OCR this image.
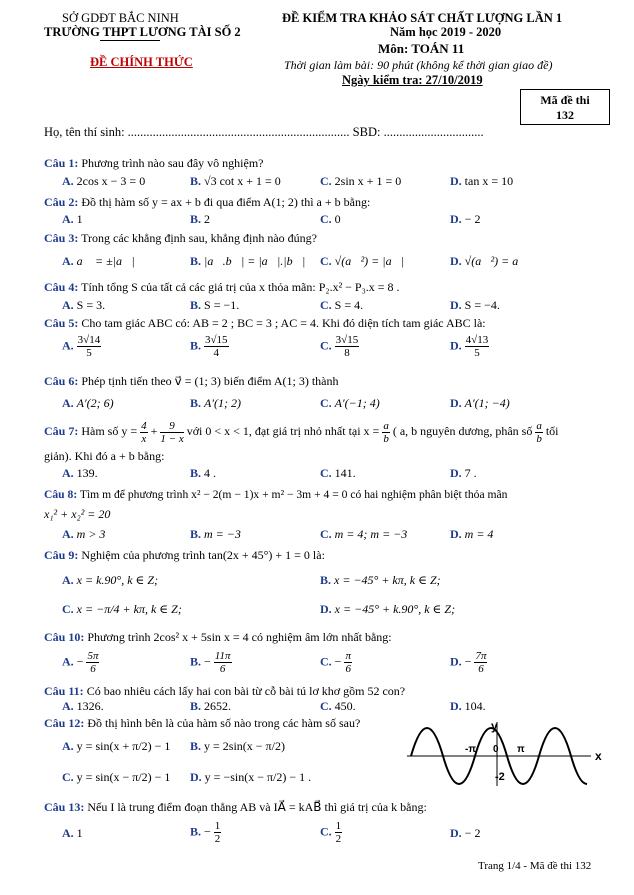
SỞ GDĐT BẮC NINH
TRƯỜNG THPT LƯƠNG TÀI SỐ 2
ĐỀ CHÍNH THỨC
ĐỀ KIỂM TRA KHẢO SÁT CHẤT LƯỢNG LẦN 1
Năm học 2019 - 2020
Môn: TOÁN 11
Thời gian làm bài: 90 phút (không kể thời gian giao đề)
Ngày kiểm tra: 27/10/2019
Mã đề thi
132
Họ, tên thí sinh: ....................................................................... SBD: ................................
Câu 1: Phương trình nào sau đây vô nghiệm?
A. 2cos x − 3 = 0	B. √3 cot x + 1 = 0	C. 2sin x + 1 = 0	D. tan x = 10
Câu 2: Đồ thị hàm số y = ax + b đi qua điểm A(1; 2) thì a + b bằng:
A. 1	B. 2	C. 0	D. − 2
Câu 3: Trong các khẳng định sau, khẳng định nào đúng?
A. a⃗ = ±|a⃗|	B. |a⃗.b⃗| = |a⃗|.|b⃗| C. √(a⃗²) = |a⃗|	D. √(a⃗²) = a⃗
Câu 4: Tính tổng S của tất cả các giá trị của x thỏa mãn: P₂.x² − P₃.x = 8 .
A. S = 3.	B. S = −1.	C. S = 4.	D. S = −4.
Câu 5: Cho tam giác ABC có: AB = 2 ; BC = 3 ; AC = 4. Khi đó diện tích tam giác ABC là:
A. $\frac{3√14}{5}$	B. $\frac{3√15}{4}$	C. $\frac{3√15}{8}$	D. $\frac{4√13}{5}$
Câu 6: Phép tịnh tiến theo v⃗ = (1; 3) biến điểm A(1; 3) thành
A. A′(2; 6)	B. A′(1; 2)	C. A′(−1; 4)	D. A′(1; −4)
Câu 7: Hàm số $y = \frac{4}{x} + \frac{9}{1 - x}$ với 0 < x < 1, đạt giá trị nhỏ nhất tại $x = \frac{a}{b}$ ( a, b nguyên dương, phân số $\frac{a}{b}$ tối
giản). Khi đó a + b bằng:
A. 139.	B. 4 .	C. 141.	D. 7 .
Câu 8: Tìm m để phương trình x² − 2(m − 1)x + m² − 3m + 4 = 0 có hai nghiệm phân biệt thỏa mãn
x₁² + x₂² = 20
A. m > 3	B. m = −3	C. m = 4; m = −3	D. m = 4
Câu 9: Nghiệm của phương trình tan(2x + 45°) + 1 = 0 là:
A. x = k.90°, k ∈ Z;	B. x = −45° + kπ, k ∈ Z;
C. x = −π/4 + kπ, k ∈ Z;	D. x = −45° + k.90°, k ∈ Z;
Câu 10: Phương trình 2cos² x + 5sin x = 4 có nghiệm âm lớn nhất bằng:
A. − $\frac{5\pi}{6}$	B. − $\frac{11\pi}{6}$	C. − $\frac{\pi}{6}$	D. − $\frac{7\pi}{6}$
Câu 11: Có bao nhiêu cách lấy hai con bài từ cỗ bài tú lơ khơ gồm 52 con?
A. 1326.	B. 2652.	C. 450.	D. 104.
Câu 12: Đồ thị hình bên là của hàm số nào trong các hàm số sau?
A. y = sin(x + π/2) − 1 B. y = 2sin(x − π/2)
C. y = sin(x − π/2) − 1 D. y = −sin(x − π/2) − 1 .
y
x
-π 0 π
-2
Câu 13: Nếu I là trung điểm đoạn thẳng AB và IA⃗ = kAB⃗ thì giá trị của k bằng:
A. 1	B. − $\frac{1}{2}$	C. $\frac{1}{2}$	D. − 2
Trang 1/4 - Mã đề thi 132
